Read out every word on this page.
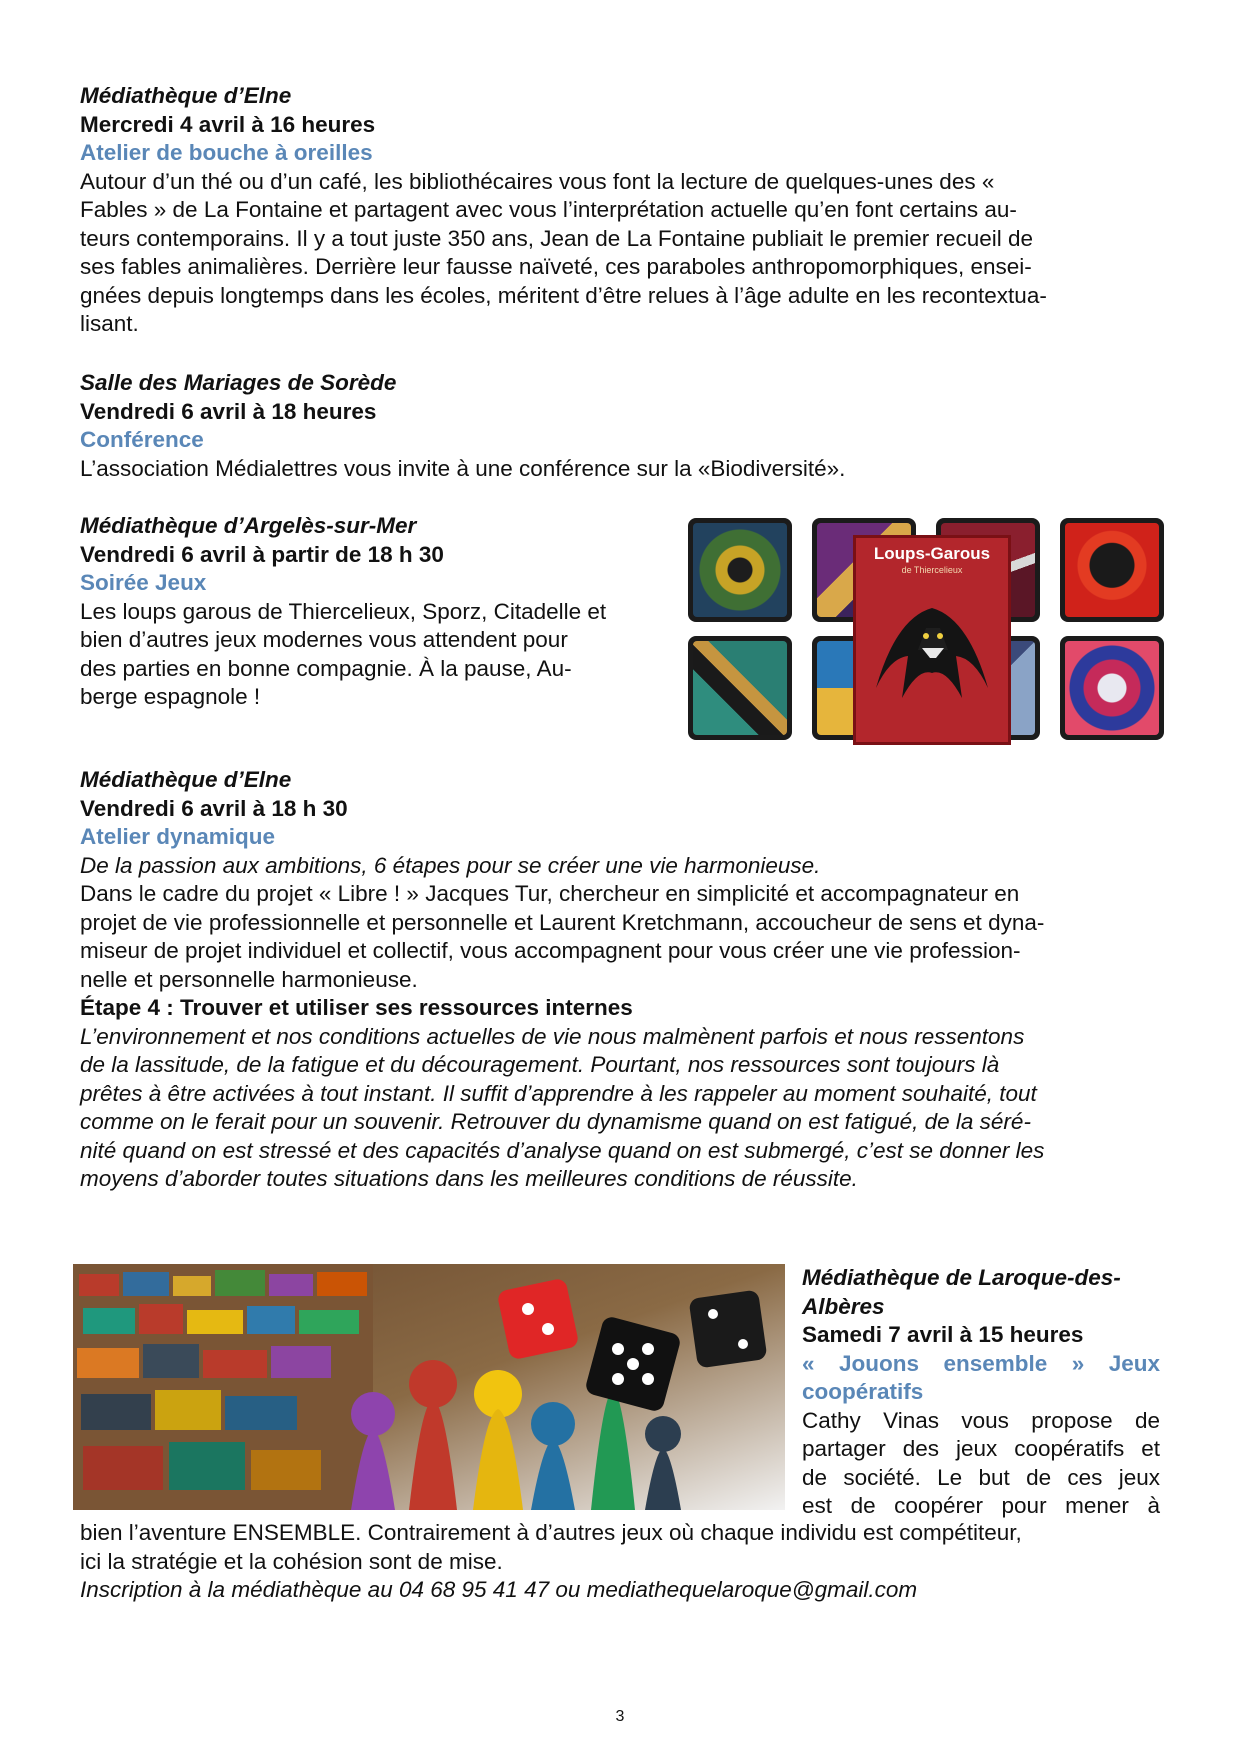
Médiathèque d’Elne

Mercredi 4 avril à 16 heures

Atelier de bouche à oreilles

Autour d’un thé ou d’un café, les bibliothécaires vous font la lecture de quelques-unes des «

Fables » de La Fontaine et partagent avec vous l’interprétation actuelle qu’en font certains au-

teurs contemporains. Il y a tout juste 350 ans, Jean de La Fontaine publiait le premier recueil de

ses fables animalières. Derrière leur fausse naïveté, ces paraboles anthropomorphiques, ensei-

gnées depuis longtemps dans les écoles, méritent d’être relues à l’âge adulte en les recontextua-

lisant.

Salle des Mariages de Sorède

Vendredi 6 avril à 18 heures

Conférence

L’association Médialettres vous invite à une conférence sur la «Biodiversité».

Médiathèque d’Argelès-sur-Mer

Vendredi 6 avril à partir de 18 h 30

Soirée Jeux

Les loups garous de Thiercelieux, Sporz, Citadelle et

bien d’autres jeux modernes vous attendent pour

des parties en bonne compagnie. À la pause, Au-

berge espagnole !

Loups-Garous
de Thiercelieux

Médiathèque d’Elne

Vendredi 6 avril à 18 h 30

Atelier dynamique

De la passion aux ambitions, 6 étapes pour se créer une vie harmonieuse.

Dans le cadre du projet « Libre ! » Jacques Tur, chercheur en simplicité et accompagnateur en

projet de vie professionnelle et personnelle et Laurent Kretchmann, accoucheur de sens et dyna-

miseur de projet individuel et collectif, vous accompagnent pour vous créer une vie profession-

nelle et personnelle harmonieuse.

Étape 4 : Trouver et utiliser ses ressources internes

L’environnement et nos conditions actuelles de vie nous malmènent parfois et nous ressentons

de la lassitude, de la fatigue et du découragement. Pourtant, nos ressources sont toujours là

prêtes à être activées à tout instant. Il suffit d’apprendre à les rappeler au moment souhaité, tout

comme on le ferait pour un souvenir. Retrouver du dynamisme quand on est fatigué, de la séré-

nité quand on est stressé et des capacités d’analyse quand on est submergé, c’est se donner les

moyens d’aborder toutes situations dans les meilleures conditions de réussite.

Médiathèque de Laroque-des-

Albères

Samedi 7 avril à 15 heures

« Jouons ensemble » Jeux

coopératifs

Cathy Vinas vous propose de

partager des jeux coopératifs et

de société. Le but de ces jeux

est de coopérer pour mener à

bien l’aventure ENSEMBLE. Contrairement à d’autres jeux où chaque individu est compétiteur,

ici la stratégie et la cohésion sont de mise.

Inscription à la médiathèque au 04 68 95 41 47 ou mediathequelaroque@gmail.com

3
